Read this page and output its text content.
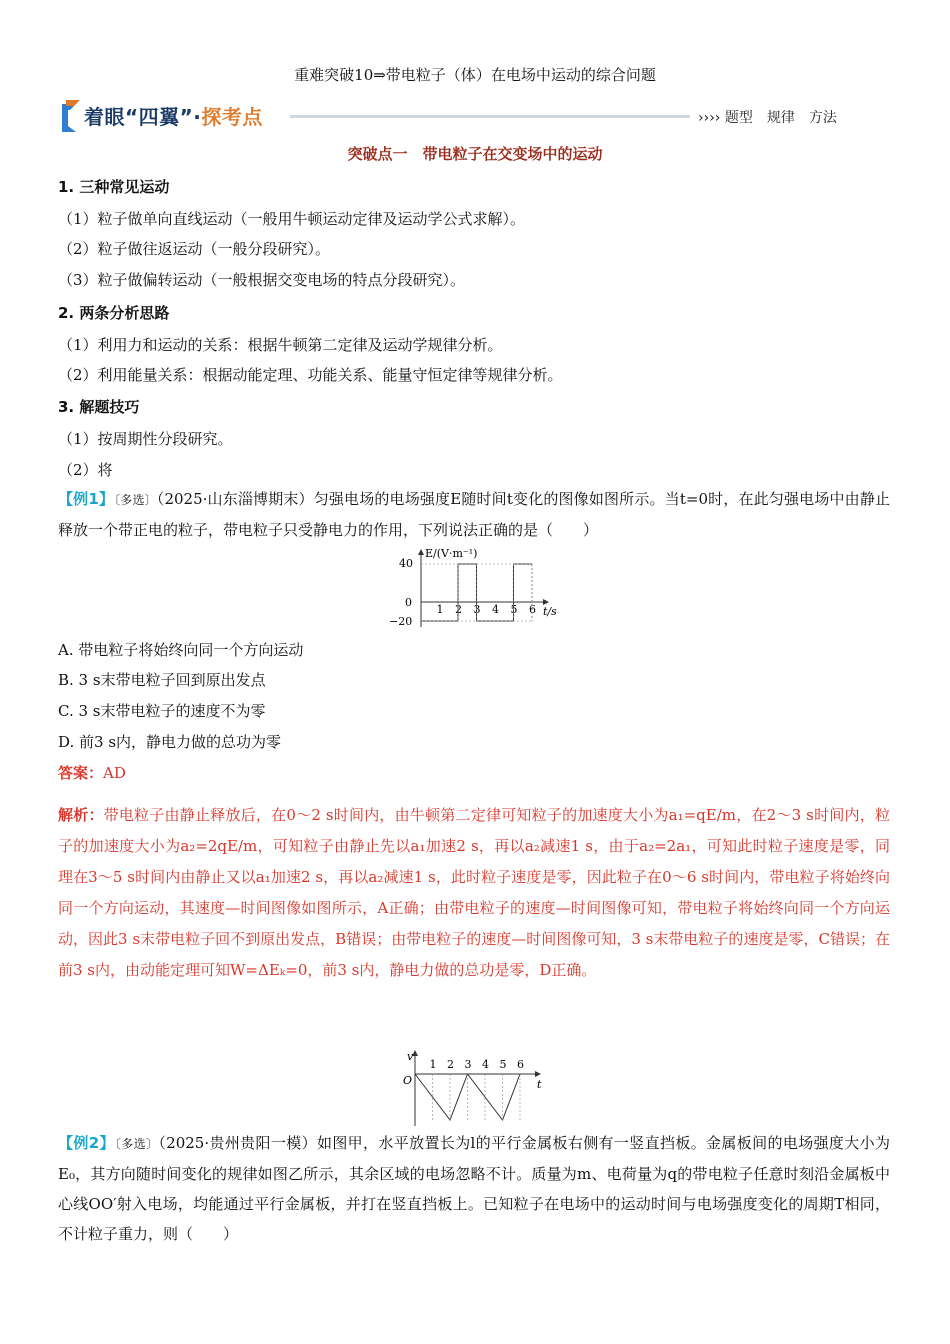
重难突破10⇒带电粒子（体）在电场中运动的综合问题
着眼“四翼”·探考点	›››› 题型　规律　方法
突破点一　带电粒子在交变场中的运动
1. 三种常见运动
（1）粒子做单向直线运动（一般用牛顿运动定律及运动学公式求解）。
（2）粒子做往返运动（一般分段研究）。
（3）粒子做偏转运动（一般根据交变电场的特点分段研究）。
2. 两条分析思路
（1）利用力和运动的关系：根据牛顿第二定律及运动学规律分析。
（2）利用能量关系：根据动能定理、功能关系、能量守恒定律等规律分析。
3. 解题技巧
（1）按周期性分段研究。
（2）将
【例1】〔多选〕（2025·山东淄博期末）匀强电场的电场强度E随时间t变化的图像如图所示。当t=0时，在此匀强电场中由静止释放一个带正电的粒子，带电粒子只受静电力的作用，下列说法正确的是（　　）
E/(V·m⁻¹)
t/s
40
0
−20
1 2 3 4 5 6
A. 带电粒子将始终向同一个方向运动
B. 3 s末带电粒子回到原出发点
C. 3 s末带电粒子的速度不为零
D. 前3 s内，静电力做的总功为零
答案：AD
解析：带电粒子由静止释放后，在0～2 s时间内，由牛顿第二定律可知粒子的加速度大小为a₁=qE/m，在2～3 s时间内，粒子的加速度大小为a₂=2qE/m，可知粒子由静止先以a₁加速2 s，再以a₂减速1 s，由于a₂=2a₁，可知此时粒子速度是零，同理在3～5 s时间内由静止又以a₁加速2 s，再以a₂减速1 s，此时粒子速度是零，因此粒子在0～6 s时间内，带电粒子将始终向同一个方向运动，其速度—时间图像如图所示，A正确；由带电粒子的速度—时间图像可知，带电粒子将始终向同一个方向运动，因此3 s末带电粒子回不到原出发点，B错误；由带电粒子的速度—时间图像可知，3 s末带电粒子的速度是零，C错误；在前3 s内，由动能定理可知W=ΔEₖ=0，前3 s内，静电力做的总功是零，D正确。
v
t
O
1 2 3 4 5 6
【例2】〔多选〕（2025·贵州贵阳一模）如图甲，水平放置长为l的平行金属板右侧有一竖直挡板。金属板间的电场强度大小为E₀，其方向随时间变化的规律如图乙所示，其余区域的电场忽略不计。质量为m、电荷量为q的带电粒子任意时刻沿金属板中心线OO′射入电场，均能通过平行金属板，并打在竖直挡板上。已知粒子在电场中的运动时间与电场强度变化的周期T相同，不计粒子重力，则（　　）
